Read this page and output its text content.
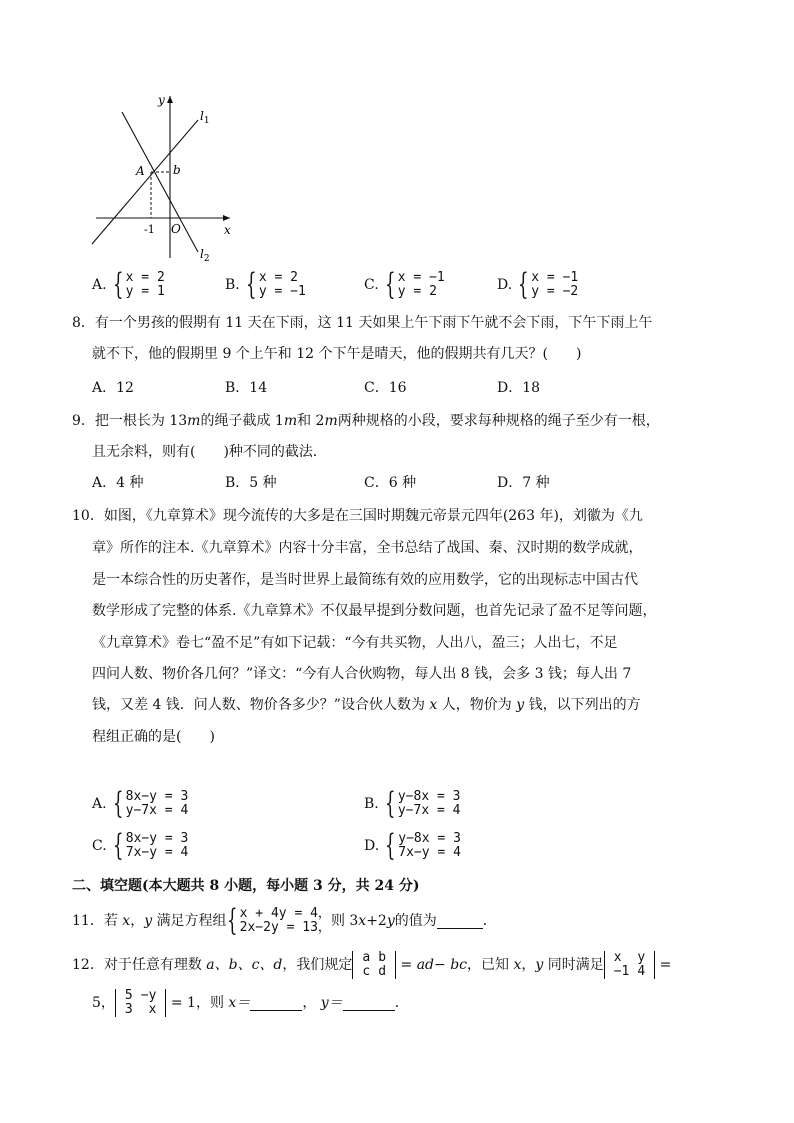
y
x
O
A b
-1
$l_1$
$l_2$
A. { x = 2
y = 1	B. { x = 2
y = −1	C. { x = −1
y = 2	D. { x = −1
y = −2
8．有一个男孩的假期有 11 天在下雨，这 11 天如果上午下雨下午就不会下雨，下午下雨上午
就不下，他的假期里 9 个上午和 12 个下午是晴天，他的假期共有几天？(　　)
A．12	B．14	C．16	D．18
9．把一根长为 13m的绳子截成 1m和 2m两种规格的小段，要求每种规格的绳子至少有一根，
且无余料，则有(　　)种不同的截法．
A．4 种	B．5 种	C．6 种	D．7 种
10．如图，《九章算术》现今流传的大多是在三国时期魏元帝景元四年(263 年)，刘徽为《九
章》所作的注本.《九章算术》内容十分丰富，全书总结了战国、秦、汉时期的数学成就，
是一本综合性的历史著作，是当时世界上最简练有效的应用数学，它的出现标志中国古代
数学形成了完整的体系.《九章算术》不仅最早提到分数问题，也首先记录了盈不足等问题，
《九章算术》卷七“盈不足”有如下记载：“今有共买物，人出八，盈三；人出七，不足
四问人数、物价各几何？”译文：“今有人合伙购物，每人出 8 钱，会多 3 钱；每人出 7
钱，又差 4 钱．问人数、物价各多少？”设合伙人数为 x 人，物价为 y 钱，以下列出的方
程组正确的是(　　)
A. { 8x−y = 3
y−7x = 4	B. { y−8x = 3
y−7x = 4
C. { 8x−y = 3
7x−y = 4	D. { y−8x = 3
7x−y = 4
二、填空题(本大题共 8 小题，每小题 3 分，共 24 分)
11．若
x ， y
满足方程组 { x + 4y = 4，
2x−2y = 13， 则 3 x +2 y 的值为	．
12．对于任意有理数
a、b、c、d ，我们规定 a	b
c	d
=
ad− bc ，已知
x ， y
同时满足 x	y
−1	4
=
5， 5	−y
3	x
= 1，则
x＝	，
y＝	．
